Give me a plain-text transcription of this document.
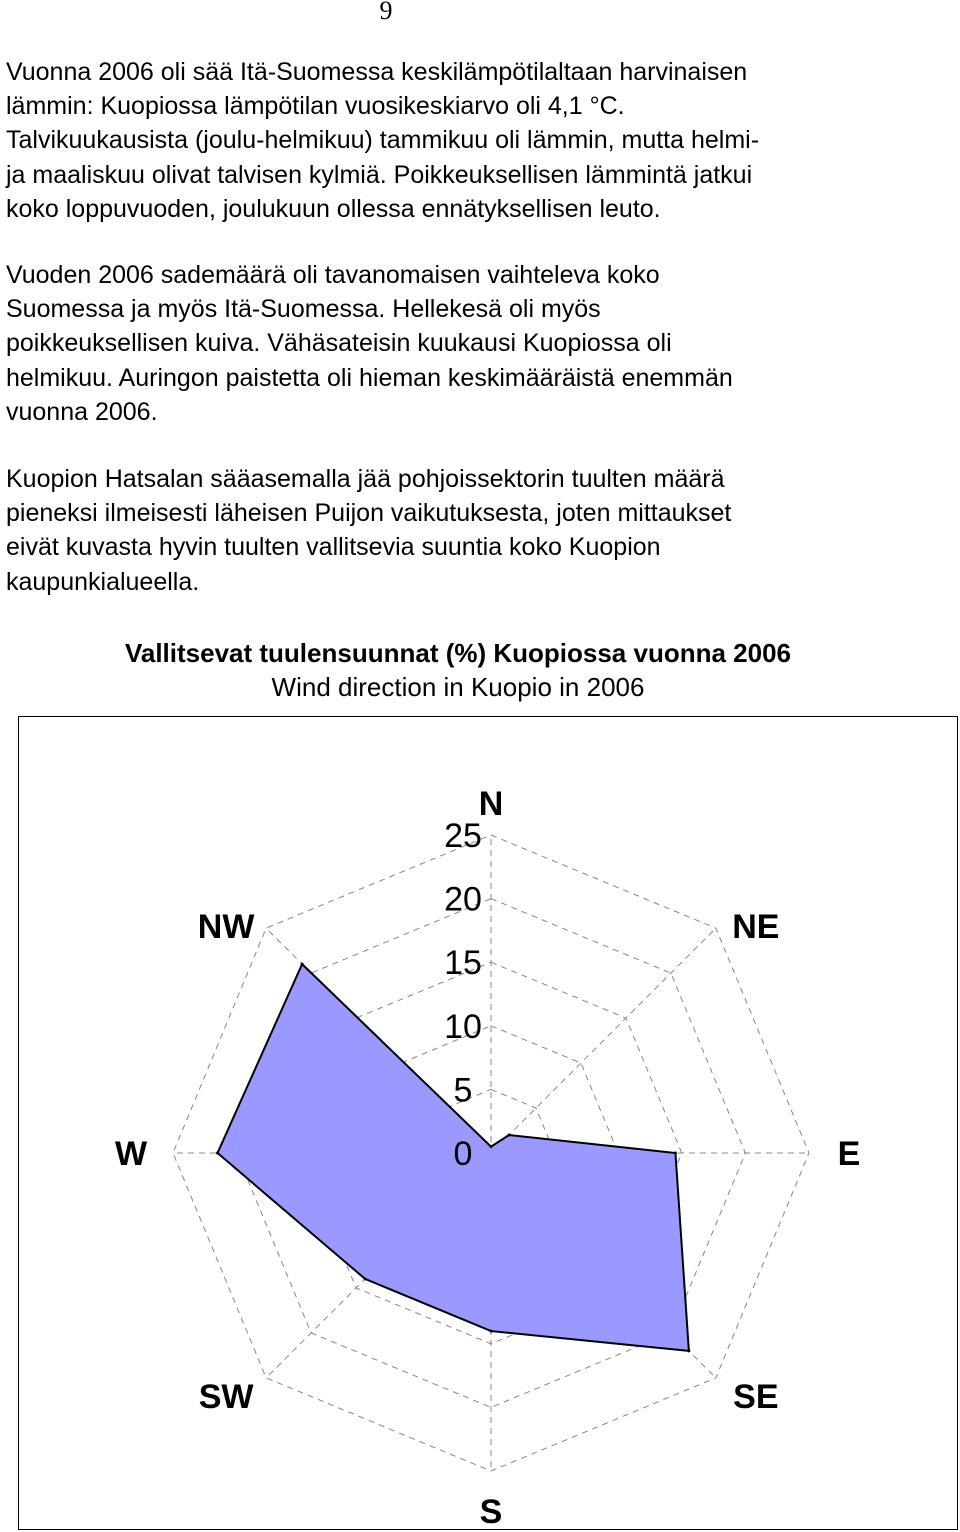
9

Vuonna 2006 oli sää Itä-Suomessa keskilämpötilaltaan harvinaisen
lämmin: Kuopiossa lämpötilan vuosikeskiarvo oli 4,1 °C.
Talvikuukausista (joulu-helmikuu) tammikuu oli lämmin, mutta helmi-
ja maaliskuu olivat talvisen kylmiä. Poikkeuksellisen lämmintä jatkui
koko loppuvuoden, joulukuun ollessa ennätyksellisen leuto.

Vuoden 2006 sademäärä oli tavanomaisen vaihteleva koko
Suomessa ja myös Itä-Suomessa. Hellekesä oli myös
poikkeuksellisen kuiva. Vähäsateisin kuukausi Kuopiossa oli
helmikuu. Auringon paistetta oli hieman keskimääräistä enemmän
vuonna 2006.

Kuopion Hatsalan sääasemalla jää pohjoissektorin tuulten määrä
pieneksi ilmeisesti läheisen Puijon vaikutuksesta, joten mittaukset
eivät kuvasta hyvin tuulten vallitsevia suuntia koko Kuopion
kaupunkialueella.

Vallitsevat tuulensuunnat (%) Kuopiossa vuonna 2006
Wind direction in Kuopio in 2006
0
5
10
15
20
25
N
NE
E
SE
S
SW
W
NW
